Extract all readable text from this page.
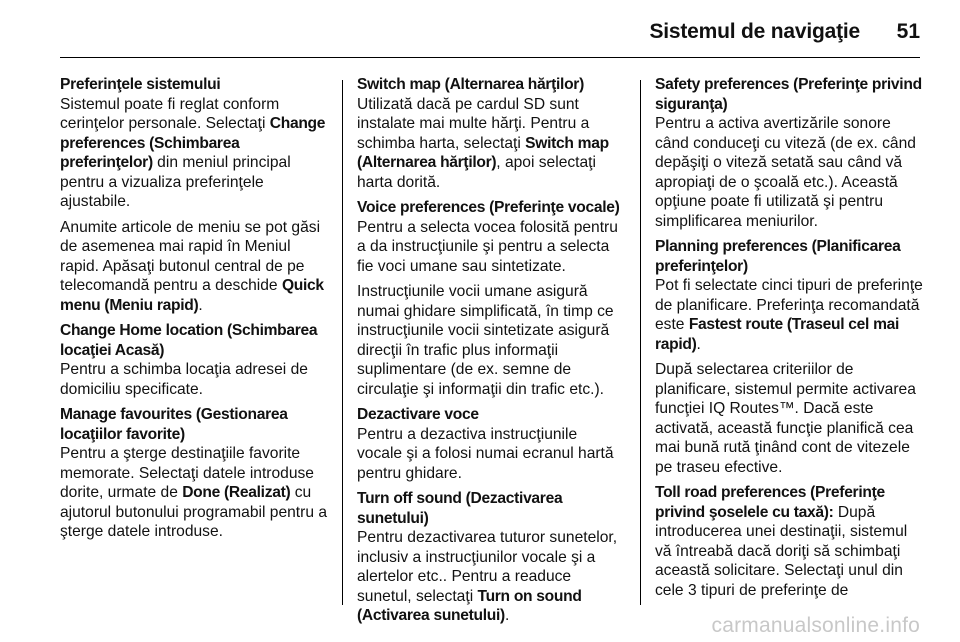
Sistemul de navigaţie 51
Preferinţele sistemului
Sistemul poate fi reglat conform cerinţelor personale. Selectaţi Change preferences (Schimbarea preferinţelor) din meniul principal pentru a vizualiza preferinţele ajustabile.

Anumite articole de meniu se pot găsi de asemenea mai rapid în Meniul rapid. Apăsaţi butonul central de pe telecomandă pentru a deschide Quick menu (Meniu rapid).

Change Home location (Schimbarea locaţiei Acasă)
Pentru a schimba locaţia adresei de domiciliu specificate.
Manage favourites (Gestionarea locaţiilor favorite)
Pentru a şterge destinaţiile favorite memorate. Selectaţi datele introduse dorite, urmate de Done (Realizat) cu ajutorul butonului programabil pentru a şterge datele introduse.
Switch map (Alternarea hărţilor)
Utilizată dacă pe cardul SD sunt instalate mai multe hărţi. Pentru a schimba harta, selectaţi Switch map (Alternarea hărţilor), apoi selectaţi harta dorită.
Voice preferences (Preferinţe vocale)
Pentru a selecta vocea folosită pentru a da instrucţiunile şi pentru a selecta fie voci umane sau sintetizate.

Instrucţiunile vocii umane asigură numai ghidare simplificată, în timp ce instrucţiunile vocii sintetizate asigură direcţii în trafic plus informaţii suplimentare (de ex. semne de circulaţie şi informaţii din trafic etc.).

Dezactivare voce
Pentru a dezactiva instrucţiunile vocale şi a folosi numai ecranul hartă pentru ghidare.
Turn off sound (Dezactivarea sunetului)
Pentru dezactivarea tuturor sunetelor, inclusiv a instrucţiunilor vocale şi a alertelor etc.. Pentru a readuce sunetul, selectaţi Turn on sound (Activarea sunetului).
Safety preferences (Preferinţe privind siguranţa)
Pentru a activa avertizările sonore când conduceţi cu viteză (de ex. când depăşiţi o viteză setată sau când vă apropiaţi de o şcoală etc.). Această opţiune poate fi utilizată şi pentru simplificarea meniurilor.
Planning preferences (Planificarea preferinţelor)
Pot fi selectate cinci tipuri de preferinţe de planificare. Preferinţa recomandată este Fastest route (Traseul cel mai rapid).

După selectarea criteriilor de planificare, sistemul permite activarea funcţiei IQ Routes™. Dacă este activată, această funcţie planifică cea mai bună rută ţinând cont de vitezele pe traseu efective.

Toll road preferences (Preferinţe privind şoselele cu taxă): După introducerea unei destinaţii, sistemul vă întreabă dacă doriţi să schimbaţi această solicitare. Selectaţi unul din cele 3 tipuri de preferinţe de
carmanualsonline.info
